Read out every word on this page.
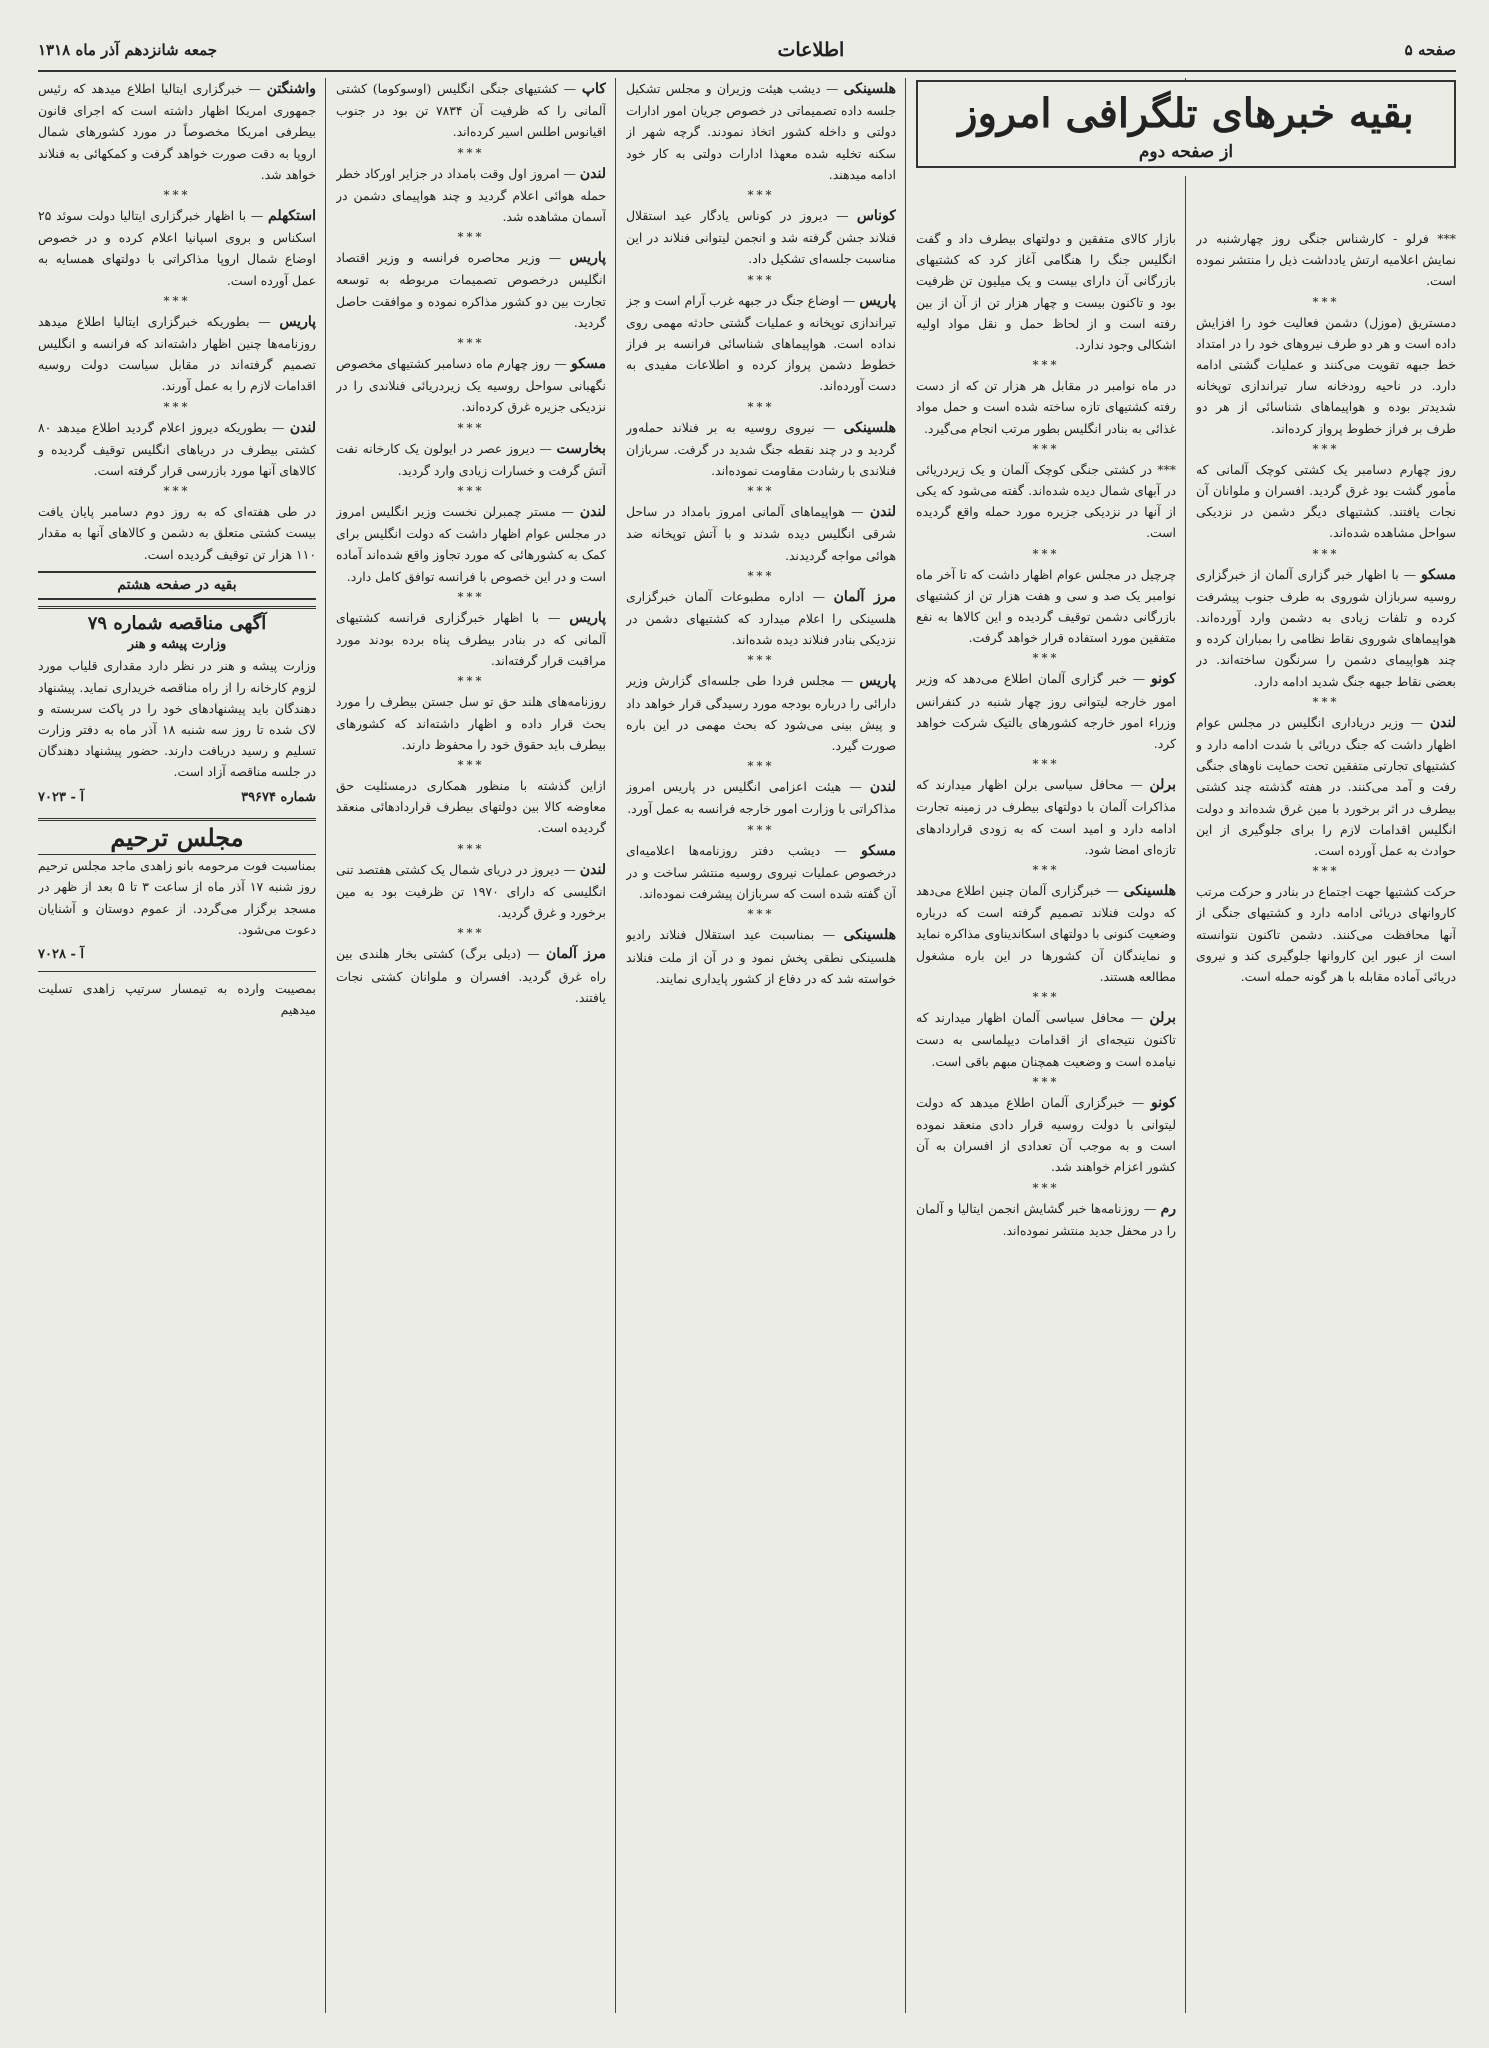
صفحه ۵
اطلاعات
جمعه شانزدهم آذر ماه ۱۳۱۸

*** فرلو - کارشناس جنگی روز چهارشنبه در نمایش اعلامیه ارتش یادداشت ذیل را منتشر نموده است.

***

دمستریق (موزل) دشمن فعالیت خود را افزایش داده است و هر دو طرف نیروهای خود را در امتداد خط جبهه تقویت می‌کنند و عملیات گشتی ادامه دارد. در ناحیه رودخانه سار تیراندازی توپخانه شدیدتر بوده و هواپیماهای شناسائی از هر دو طرف بر فراز خطوط پرواز کرده‌اند.

***

روز چهارم دسامبر یک کشتی کوچک آلمانی که مأمور گشت بود غرق گردید. افسران و ملوانان آن نجات یافتند. کشتیهای دیگر دشمن در نزدیکی سواحل مشاهده شده‌اند.

***

مسکو — با اظهار خبر گزاری آلمان از خبرگزاری روسیه سربازان شوروی به طرف جنوب پیشرفت کرده و تلفات زیادی به دشمن وارد آورده‌اند. هواپیماهای شوروی نقاط نظامی را بمباران کرده و چند هواپیمای دشمن را سرنگون ساخته‌اند. در بعضی نقاط جبهه جنگ شدید ادامه دارد.

***

لندن — وزیر دریاداری انگلیس در مجلس عوام اظهار داشت که جنگ دریائی با شدت ادامه دارد و کشتیهای تجارتی متفقین تحت حمایت ناوهای جنگی رفت و آمد می‌کنند. در هفته گذشته چند کشتی بیطرف در اثر برخورد با مین غرق شده‌اند و دولت انگلیس اقدامات لازم را برای جلوگیری از این حوادث به عمل آورده است.

***

حرکت کشتیها جهت اجتماع در بنادر و حرکت مرتب کاروانهای دریائی ادامه دارد و کشتیهای جنگی از آنها محافظت می‌کنند. دشمن تاکنون نتوانسته است از عبور این کاروانها جلوگیری کند و نیروی دریائی آماده مقابله با هر گونه حمله است.

بازار کالای متفقین و دولتهای بیطرف داد و گفت انگلیس جنگ را هنگامی آغاز کرد که کشتیهای بازرگانی آن دارای بیست و یک میلیون تن ظرفیت بود و تاکنون بیست و چهار هزار تن از آن از بین رفته است و از لحاظ حمل و نقل مواد اولیه اشکالی وجود ندارد.

***

در ماه نوامبر در مقابل هر هزار تن که از دست رفته کشتیهای تازه ساخته شده است و حمل مواد غذائی به بنادر انگلیس بطور مرتب انجام می‌گیرد.

***

*** در کشتی جنگی کوچک آلمان و یک زیردریائی در آبهای شمال دیده شده‌اند. گفته می‌شود که یکی از آنها در نزدیکی جزیره مورد حمله واقع گردیده است.

***

چرچیل در مجلس عوام اظهار داشت که تا آخر ماه نوامبر یک صد و سی و هفت هزار تن از کشتیهای بازرگانی دشمن توقیف گردیده و این کالاها به نفع متفقین مورد استفاده قرار خواهد گرفت.

***

کونو — خبر گزاری آلمان اطلاع می‌دهد که وزیر امور خارجه لیتوانی روز چهار شنبه در کنفرانس وزراء امور خارجه کشورهای بالتیک شرکت خواهد کرد.

***

برلن — محافل سیاسی برلن اظهار میدارند که مذاکرات آلمان با دولتهای بیطرف در زمینه تجارت ادامه دارد و امید است که به زودی قراردادهای تازه‌ای امضا شود.

***

هلسینکی — خبرگزاری آلمان چنین اطلاع می‌دهد که دولت فنلاند تصمیم گرفته است که درباره وضعیت کنونی با دولتهای اسکاندیناوی مذاکره نماید و نمایندگان آن کشورها در این باره مشغول مطالعه هستند.

***

برلن — محافل سیاسی آلمان اظهار میدارند که تاکنون نتیجه‌ای از اقدامات دیپلماسی به دست نیامده است و وضعیت همچنان مبهم باقی است.

***

کونو — خبرگزاری آلمان اطلاع میدهد که دولت لیتوانی با دولت روسیه قرار دادی منعقد نموده است و به موجب آن تعدادی از افسران به آن کشور اعزام خواهند شد.

***

رم — روزنامه‌ها خبر گشایش انجمن ایتالیا و آلمان را در محفل جدید منتشر نموده‌اند.

بقیه خبرهای تلگرافی امروز
از صفحه دوم

هلسینکی — دیشب هیئت وزیران و مجلس تشکیل جلسه داده تصمیماتی در خصوص جریان امور ادارات دولتی و داخله کشور اتخاذ نمودند. گرچه شهر از سکنه تخلیه شده معهذا ادارات دولتی به کار خود ادامه میدهند.

***

کوناس — دیروز در کوناس یادگار عید استقلال فنلاند جشن گرفته شد و انجمن لیتوانی فنلاند در این مناسبت جلسه‌ای تشکیل داد.

***

پاریس — اوضاع جنگ در جبهه غرب آرام است و جز تیراندازی توپخانه و عملیات گشتی حادثه مهمی روی نداده است. هواپیماهای شناسائی فرانسه بر فراز خطوط دشمن پرواز کرده و اطلاعات مفیدی به دست آورده‌اند.

***

هلسینکی — نیروی روسیه به بر فنلاند حمله‌ور گردید و در چند نقطه جنگ شدید در گرفت. سربازان فنلاندی با رشادت مقاومت نموده‌اند.

***

لندن — هواپیماهای آلمانی امروز بامداد در ساحل شرقی انگلیس دیده شدند و با آتش توپخانه ضد هوائی مواجه گردیدند.

***

مرز آلمان — اداره مطبوعات آلمان خبرگزاری هلسینکی را اعلام میدارد که کشتیهای دشمن در نزدیکی بنادر فنلاند دیده شده‌اند.

***

پاریس — مجلس فردا طی جلسه‌ای گزارش وزیر دارائی را درباره بودجه مورد رسیدگی قرار خواهد داد و پیش بینی می‌شود که بحث مهمی در این باره صورت گیرد.

***

لندن — هیئت اعزامی انگلیس در پاریس امروز مذاکراتی با وزارت امور خارجه فرانسه به عمل آورد.

***

مسکو — دیشب دفتر روزنامه‌ها اعلامیه‌ای درخصوص عملیات نیروی روسیه منتشر ساخت و در آن گفته شده است که سربازان پیشرفت نموده‌اند.

***

هلسینکی — بمناسبت عید استقلال فنلاند رادیو هلسینکی نطقی پخش نمود و در آن از ملت فنلاند خواسته شد که در دفاع از کشور پایداری نمایند.

کاپ — کشتیهای جنگی انگلیس (اوسوکوما) کشتی آلمانی را که ظرفیت آن ۷۸۳۴ تن بود در جنوب اقیانوس اطلس اسیر کرده‌اند.

***

لندن — امروز اول وقت بامداد در جزایر اورکاد خطر حمله هوائی اعلام گردید و چند هواپیمای دشمن در آسمان مشاهده شد.

***

پاریس — وزیر محاصره فرانسه و وزیر اقتصاد انگلیس درخصوص تصمیمات مربوطه به توسعه تجارت بین دو کشور مذاکره نموده و موافقت حاصل گردید.

***

مسکو — روز چهارم ماه دسامبر کشتیهای مخصوص نگهبانی سواحل روسیه یک زیردریائی فنلاندی را در نزدیکی جزیره غرق کرده‌اند.

***

بخارست — دیروز عصر در ایولون یک کارخانه نفت آتش گرفت و خسارات زیادی وارد گردید.

***

لندن — مستر چمبرلن نخست وزیر انگلیس امروز در مجلس عوام اظهار داشت که دولت انگلیس برای کمک به کشورهائی که مورد تجاوز واقع شده‌اند آماده است و در این خصوص با فرانسه توافق کامل دارد.

***

پاریس — با اظهار خبرگزاری فرانسه کشتیهای آلمانی که در بنادر بیطرف پناه برده بودند مورد مراقبت قرار گرفته‌اند.

***

روزنامه‌های هلند حق تو سل جستن بیطرف را مورد بحث قرار داده و اظهار داشته‌اند که کشورهای بیطرف باید حقوق خود را محفوظ دارند.

***

ازاین گذشته با منظور همکاری درمسئلیت حق معاوضه کالا بین دولتهای بیطرف قراردادهائی منعقد گردیده است.

***

لندن — دیروز در دریای شمال یک کشتی هفتصد تنی انگلیسی که دارای ۱۹۷۰ تن ظرفیت بود به مین برخورد و غرق گردید.

***

مرز آلمان — (دیلی برگ) کشتی بخار هلندی بین راه غرق گردید. افسران و ملوانان کشتی نجات یافتند.

واشنگتن — خبرگزاری ایتالیا اطلاع میدهد که رئیس جمهوری امریکا اظهار داشته است که اجرای قانون بیطرفی امریکا مخصوصاً در مورد کشورهای شمال اروپا به دقت صورت خواهد گرفت و کمکهائی به فنلاند خواهد شد.

***

استکهلم — با اظهار خبرگزاری ایتالیا دولت سوئد ۲۵ اسکناس و بروی اسپانیا اعلام کرده و در خصوص اوضاع شمال اروپا مذاکراتی با دولتهای همسایه به عمل آورده است.

***

پاریس — بطوریکه خبرگزاری ایتالیا اطلاع میدهد روزنامه‌ها چنین اظهار داشته‌اند که فرانسه و انگلیس تصمیم گرفته‌اند در مقابل سیاست دولت روسیه اقدامات لازم را به عمل آورند.

***

لندن — بطوریکه دیروز اعلام گردید اطلاع میدهد ۸۰ کشتی بیطرف در دریاهای انگلیس توقیف گردیده و کالاهای آنها مورد بازرسی قرار گرفته است.

***

در طی هفته‌ای که به روز دوم دسامبر پایان یافت بیست کشتی متعلق به دشمن و کالاهای آنها به مقدار ۱۱۰ هزار تن توقیف گردیده است.

بقیه در صفحه هشتم
آگهی مناقصه شماره ۷۹
وزارت پیشه و هنر

وزارت پیشه و هنر در نظر دارد مقداری قلیاب مورد لزوم کارخانه را از راه مناقصه خریداری نماید. پیشنهاد دهندگان باید پیشنهادهای خود را در پاکت سربسته و لاک شده تا روز سه شنبه ۱۸ آذر ماه به دفتر وزارت تسلیم و رسید دریافت دارند. حضور پیشنهاد دهندگان در جلسه مناقصه آزاد است.

شماره ۳۹۶۷۴
آ - ۷۰۲۳
مجلس ترحیم

بمناسبت فوت مرحومه بانو زاهدی ماجد مجلس ترحیم روز شنبه ۱۷ آذر ماه از ساعت ۳ تا ۵ بعد از ظهر در مسجد برگزار می‌گردد. از عموم دوستان و آشنایان دعوت می‌شود.

آ - ۷۰۲۸

بمصیبت وارده به تیمسار سرتیپ زاهدی تسلیت میدهیم
